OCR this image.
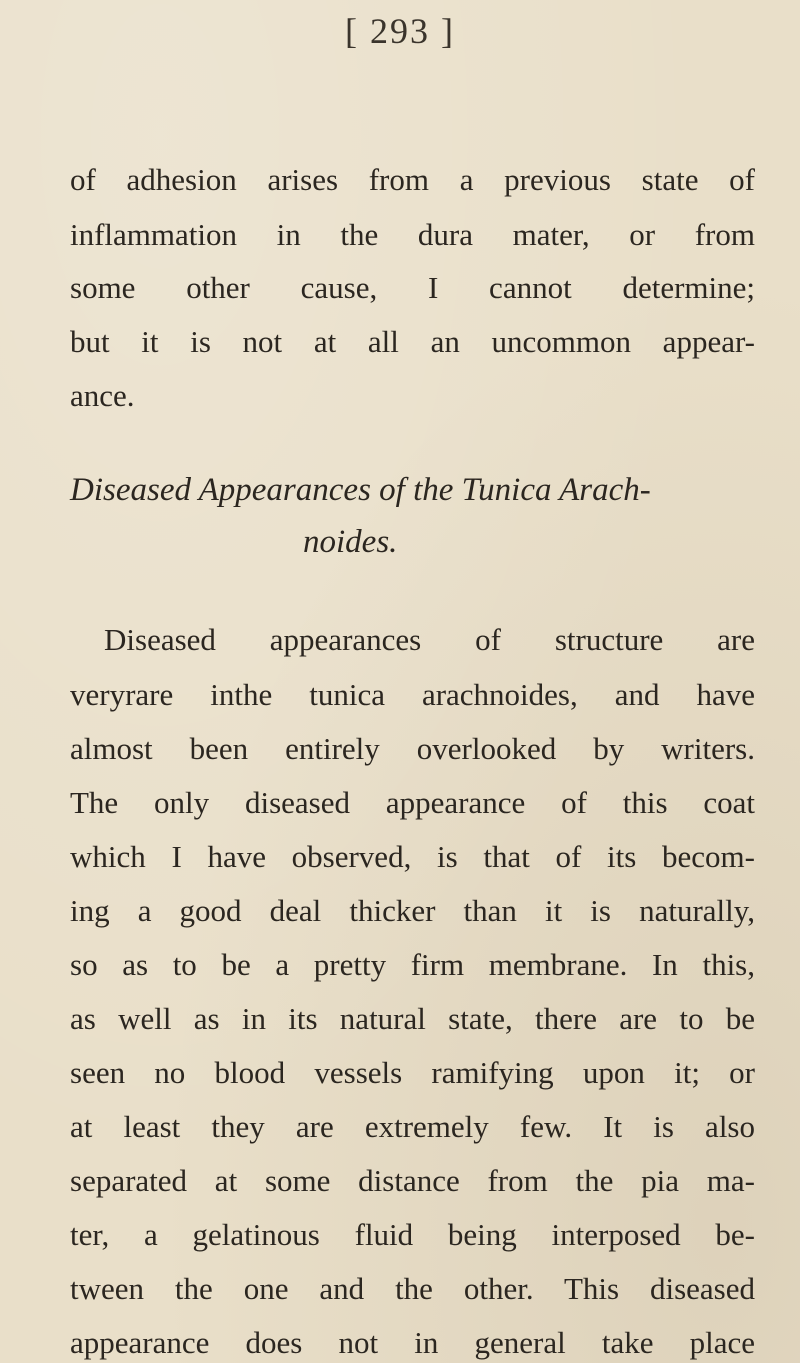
[ 293 ]
of adhesion arises from a previous state of
inflammation in the dura mater, or from
some other cause, I cannot determine;
but it is not at all an uncommon appear-
ance.
Diseased Appearances of the Tunica Arach-
noides.
Diseased appearances of structure are
veryrare inthe tunica arachnoides, and have
almost been entirely overlooked by writers.
The only diseased appearance of this coat
which I have observed, is that of its becom-
ing a good deal thicker than it is naturally,
so as to be a pretty firm membrane. In this,
as well as in its natural state, there are to be
seen no blood vessels ramifying upon it; or
at least they are extremely few. It is also
separated at some distance from the pia ma-
ter, a gelatinous fluid being interposed be-
tween the one and the other. This diseased
appearance does not in general take place
